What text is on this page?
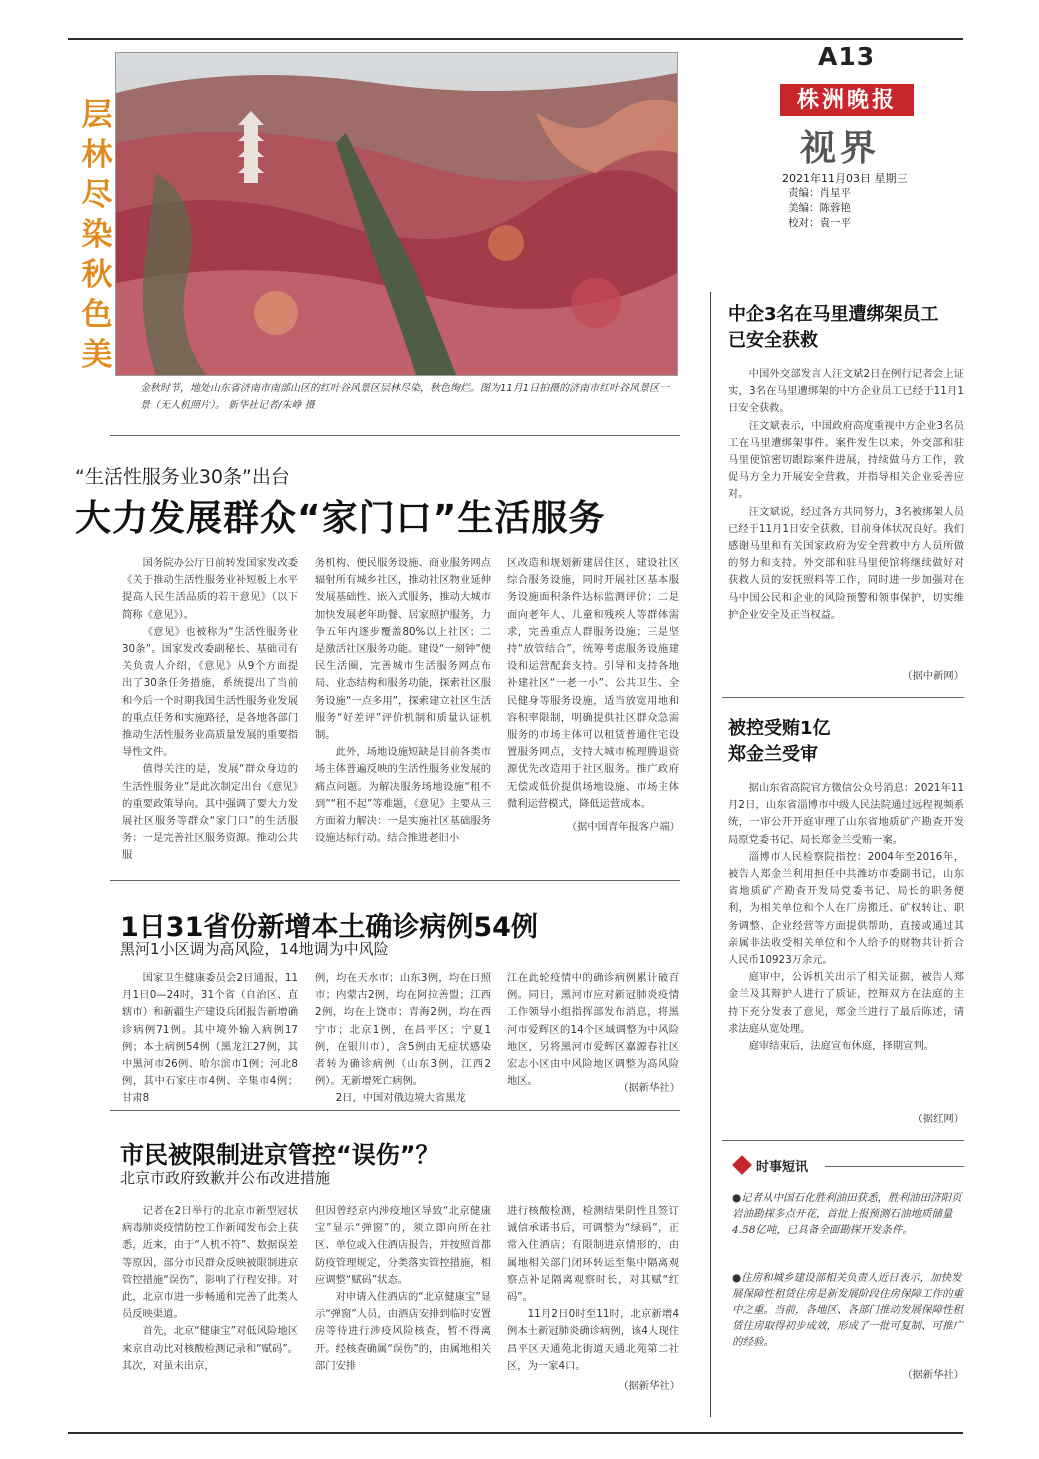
A13
株洲晚报
视界
2021年11月03日 星期三
责编：肖星平
美编：陈蓉艳
校对：袁一平
层林尽染秋色美
金秋时节，地处山东省济南市南部山区的红叶谷风景区层林尽染，秋色绚烂。图为11月1日拍摄的济南市红叶谷风景区一景（无人机照片）。 新华社记者/朱峥 摄
“生活性服务业30条”出台
大力发展群众“家门口”生活服务

国务院办公厅日前转发国家发改委《关于推动生活性服务业补短板上水平提高人民生活品质的若干意见》（以下简称《意见》）。

《意见》也被称为“生活性服务业30条”。国家发改委副秘长、基础司有关负责人介绍，《意见》从9个方面提出了30条任务措施，系统提出了当前和今后一个时期我国生活性服务业发展的重点任务和实施路径，是各地各部门推动生活性服务业高质量发展的重要指导性文件。

值得关注的是，发展“群众身边的生活性服务业”是此次制定出台《意见》的重要政策导向。其中强调了要大力发展社区服务等群众“家门口”的生活服务：一是完善社区服务资源。推动公共服

务机构、便民服务设施、商业服务网点辐射所有城乡社区，推动社区物业延伸发展基础性、嵌入式服务，推动大城市加快发展老年助餐、居家照护服务，力争五年内逐步覆盖80%以上社区；二是激活社区服务功能。建设“一刻钟”便民生活圈，完善城市生活服务网点布局、业态结构和服务功能，探索社区服务设施“一点多用”，探索建立社区生活服务“好差评”评价机制和质量认证机制。

此外，场地设施短缺是目前各类市场主体普遍反映的生活性服务业发展的痛点问题。为解决服务场地设施“租不到”“租不起”等难题，《意见》主要从三方面着力解决：一是实施社区基础服务设施达标行动。结合推进老旧小

区改造和规划新建居住区，建设社区综合服务设施，同时开展社区基本服务设施面积条件达标监测评价；二是面向老年人、儿童和残疾人等群体需求，完善重点人群服务设施；三是坚持“放管结合”，统筹考虑服务设施建设和运营配套支持。引导和支持各地补建社区“一老一小”、公共卫生、全民健身等服务设施，适当放宽用地和容积率限制，明确提供社区群众急需服务的市场主体可以租赁普通住宅设置服务网点，支持大城市梳理腾退资源优先改造用于社区服务。推广政府无偿或低价提供场地设施、市场主体微利运营模式，降低运营成本。

（据中国青年报客户端）
1日31省份新增本土确诊病例54例
黑河1小区调为高风险，14地调为中风险

国家卫生健康委员会2日通报，11月1日0—24时，31个省（自治区、直辖市）和新疆生产建设兵团报告新增确诊病例71例。其中境外输入病例17例；本土病例54例（黑龙江27例，其中黑河市26例、哈尔滨市1例；河北8例，其中石家庄市4例、辛集市4例；甘肃8

例，均在天水市；山东3例，均在日照市；内蒙古2例，均在阿拉善盟；江西2例，均在上饶市；青海2例，均在西宁市；北京1例，在昌平区；宁夏1例，在银川市），含5例由无症状感染者转为确诊病例（山东3例，江西2例）。无新增死亡病例。

2日，中国对俄边境大省黑龙

江在此轮疫情中的确诊病例累计破百例。同日，黑河市应对新冠肺炎疫情工作领导小组指挥部发布消息，将黑河市爱辉区的14个区域调整为中风险地区，另将黑河市爱辉区嘉源春社区宏志小区由中风险地区调整为高风险地区。

（据新华社）
市民被限制进京管控“误伤”？
北京市政府致歉并公布改进措施

记者在2日举行的北京市新型冠状病毒肺炎疫情防控工作新闻发布会上获悉，近来，由于“人机不符”、数据误差等原因，部分市民群众反映被限制进京管控措施“误伤”，影响了行程安排。对此，北京市进一步畅通和完善了此类人员反映渠道。

首先，北京“健康宝”对低风险地区来京自动比对核酸检测记录和“赋码”。其次，对虽未出京，

但因曾经京内涉疫地区导致“北京健康宝”显示“弹窗”的，须立即向所在社区、单位或入住酒店报告，并按照首都防疫管理规定，分类落实管控措施，相应调整“赋码”状态。

对申请入住酒店的“北京健康宝”显示“弹窗”人员，由酒店安排到临时安置房等待进行涉疫风险核查，暂不得离开。经核查确属“误伤”的，由属地相关部门安排

进行核酸检测，检测结果阴性且签订诚信承诺书后，可调整为“绿码”，正常入住酒店；有限制进京情形的，由属地相关部门闭环转运至集中隔离观察点补足隔离观察时长，对其赋“红码”。

11月2日0时至11时，北京新增4例本土新冠肺炎确诊病例，该4人现住昌平区天通苑北街道天通北苑第二社区，为一家4口。

（据新华社）
中企3名在马里遭绑架员工
已安全获救

中国外交部发言人汪文斌2日在例行记者会上证实，3名在马里遭绑架的中方企业员工已经于11月1日安全获救。

汪文斌表示，中国政府高度重视中方企业3名员工在马里遭绑架事件。案件发生以来，外交部和驻马里使馆密切跟踪案件进展，持续做马方工作，敦促马方全力开展安全营救，并指导相关企业妥善应对。

汪文斌说，经过各方共同努力，3名被绑架人员已经于11月1日安全获救，目前身体状况良好。我们感谢马里和有关国家政府为安全营救中方人员所做的努力和支持。外交部和驻马里使馆将继续做好对获救人员的安抚照料等工作，同时进一步加强对在马中国公民和企业的风险预警和领事保护，切实维护企业安全及正当权益。

（据中新网）
被控受贿1亿
郑金兰受审

据山东省高院官方微信公众号消息：2021年11月2日，山东省淄博市中级人民法院通过远程视频系统，一审公开开庭审理了山东省地质矿产勘查开发局原党委书记、局长郑金兰受贿一案。

淄博市人民检察院指控：2004年至2016年，被告人郑金兰利用担任中共潍坊市委副书记，山东省地质矿产勘查开发局党委书记、局长的职务便利，为相关单位和个人在厂房搬迁、矿权转让、职务调整、企业经营等方面提供帮助，直接或通过其亲属非法收受相关单位和个人给予的财物共计折合人民币10923万余元。

庭审中，公诉机关出示了相关证据，被告人郑金兰及其辩护人进行了质证，控辩双方在法庭的主持下充分发表了意见，郑金兰进行了最后陈述，请求法庭从宽处理。

庭审结束后，法庭宣布休庭，择期宣判。

（据红网）
时事短讯
●记者从中国石化胜利油田获悉，胜利油田济阳页岩油勘探多点开花，首批上报预测石油地质储量4.58亿吨，已具备全面勘探开发条件。
●住房和城乡建设部相关负责人近日表示，加快发展保障性租赁住房是新发展阶段住房保障工作的重中之重。当前，各地区、各部门推动发展保障性租赁住房取得初步成效，形成了一批可复制、可推广的经验。
（据新华社）
